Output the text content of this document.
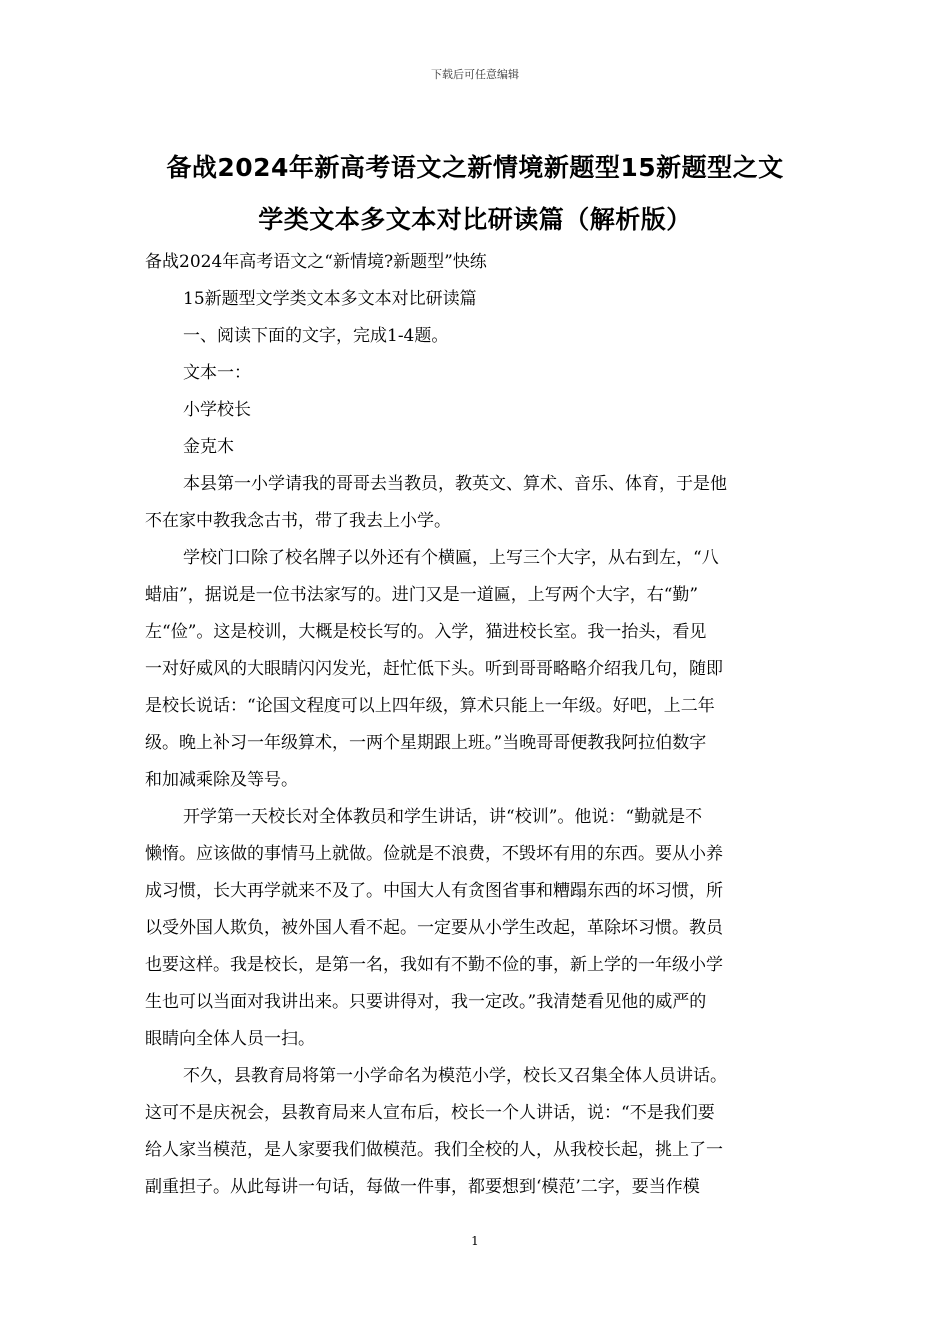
下载后可任意编辑
备战2024年新高考语文之新情境新题型15新题型之文
学类文本多文本对比研读篇（解析版）
备战2024年高考语文之“新情境?新题型”快练
15新题型文学类文本多文本对比研读篇
一、阅读下面的文字，完成1-4题。
文本一：
小学校长
金克木
本县第一小学请我的哥哥去当教员，教英文、算术、音乐、体育，于是他
不在家中教我念古书，带了我去上小学。
学校门口除了校名牌子以外还有个横匾，上写三个大字，从右到左，“八
蜡庙”，据说是一位书法家写的。进门又是一道匾，上写两个大字，右“勤”
左“俭”。这是校训，大概是校长写的。入学，猫进校长室。我一抬头，看见
一对好威风的大眼睛闪闪发光，赶忙低下头。听到哥哥略略介绍我几句，随即
是校长说话：“论国文程度可以上四年级，算术只能上一年级。好吧，上二年
级。晚上补习一年级算术，一两个星期跟上班。”当晚哥哥便教我阿拉伯数字
和加减乘除及等号。
开学第一天校长对全体教员和学生讲话，讲“校训”。他说：“勤就是不
懒惰。应该做的事情马上就做。俭就是不浪费，不毁坏有用的东西。要从小养
成习惯，长大再学就来不及了。中国大人有贪图省事和糟蹋东西的坏习惯，所
以受外国人欺负，被外国人看不起。一定要从小学生改起，革除坏习惯。教员
也要这样。我是校长，是第一名，我如有不勤不俭的事，新上学的一年级小学
生也可以当面对我讲出来。只要讲得对，我一定改。”我清楚看见他的威严的
眼睛向全体人员一扫。
不久，县教育局将第一小学命名为模范小学，校长又召集全体人员讲话。
这可不是庆祝会，县教育局来人宣布后，校长一个人讲话，说：“不是我们要
给人家当模范，是人家要我们做模范。我们全校的人，从我校长起，挑上了一
副重担子。从此每讲一句话，每做一件事，都要想到‘模范’二字，要当作模
1
